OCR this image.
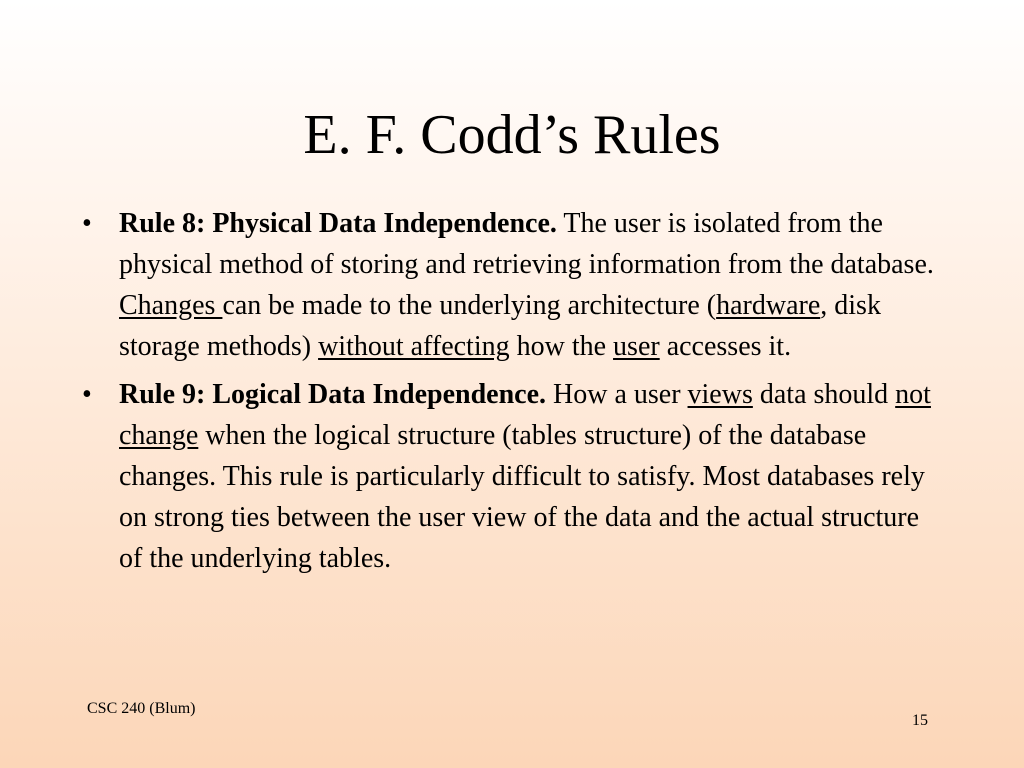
E. F. Codd’s Rules
• Rule 8: Physical Data Independence. The user is isolated from the physical method of storing and retrieving information from the database. Changes can be made to the underlying architecture (hardware, disk storage methods) without affecting how the user accesses it.
• Rule 9: Logical Data Independence. How a user views data should not change when the logical structure (tables structure) of the database changes. This rule is particularly difficult to satisfy. Most databases rely on strong ties between the user view of the data and the actual structure of the underlying tables.
CSC 240 (Blum)
15
